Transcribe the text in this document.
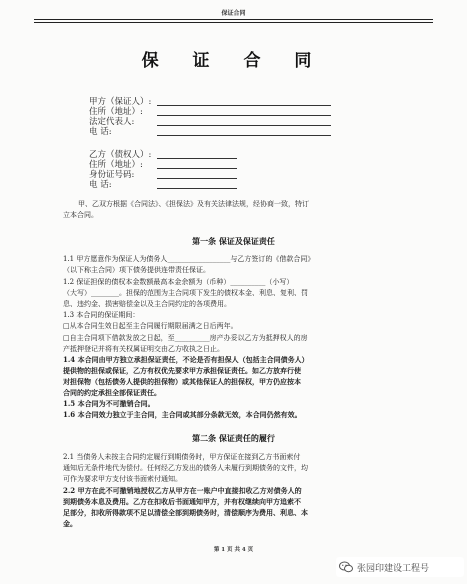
保证合同
保 证 合 同
甲方（保证人）:
住所（地址）:
法定代表人:
电 话:
乙方（债权人）:
住所（地址）:
身份证号码:
电 话:
甲、乙双方根据《合同法》、《担保法》及有关法律法规，经协商一致，特订
立本合同。
第一条 保证及保证责任
1.1 甲方愿意作为保证人为债务人__________________与乙方签订的《借款合同》
（以下称主合同）项下债务提供连带责任保证。
1.2 保证担保的债权本金数额最高本金余额为（币种）__________（小写）
（大写）________。担保的范围为主合同项下发生的债权本金、利息、复利、罚
息、违约金、损害赔偿金以及主合同约定的各项费用。
1.3 本合同的保证期间：
□从本合同生效日起至主合同履行期限届满之日后两年。
□自主合同项下借款发放之日起，至__________房产办妥以乙方为抵押权人的房
产抵押登记并将有关权属证明交由乙方收执之日止。
1.4 本合同由甲方独立承担保证责任，不论是否有担保人（包括主合同债务人）
提供物的担保或保证，乙方有权优先要求甲方承担保证责任。如乙方放弃行使
对担保物（包括债务人提供的担保物）或其他保证人的担保权，甲方仍应按本
合同的约定承担全部保证责任。
1.5 本合同为不可撤销合同。
1.6 本合同效力独立于主合同，主合同或其部分条款无效，本合同仍然有效。
第二条 保证责任的履行
2.1 当债务人未按主合同约定履行到期债务时，甲方保证在接到乙方书面索付
通知后无条件地代为偿付。任何经乙方发出的债务人未履行到期债务的文件，均
可作为要求甲方支付该书面索付通知。
2.2 甲方在此不可撤销地授权乙方从甲方在一账户中直接扣收乙方对债务人的
到期债务本息及费用。乙方在扣收后书面通知甲方，并有权继续向甲方追索不
足部分，扣收所得款项不足以清偿全部到期债务时，清偿顺序为费用、利息、本
金。
第 1 页 共 4 页
张园印建设工程号
